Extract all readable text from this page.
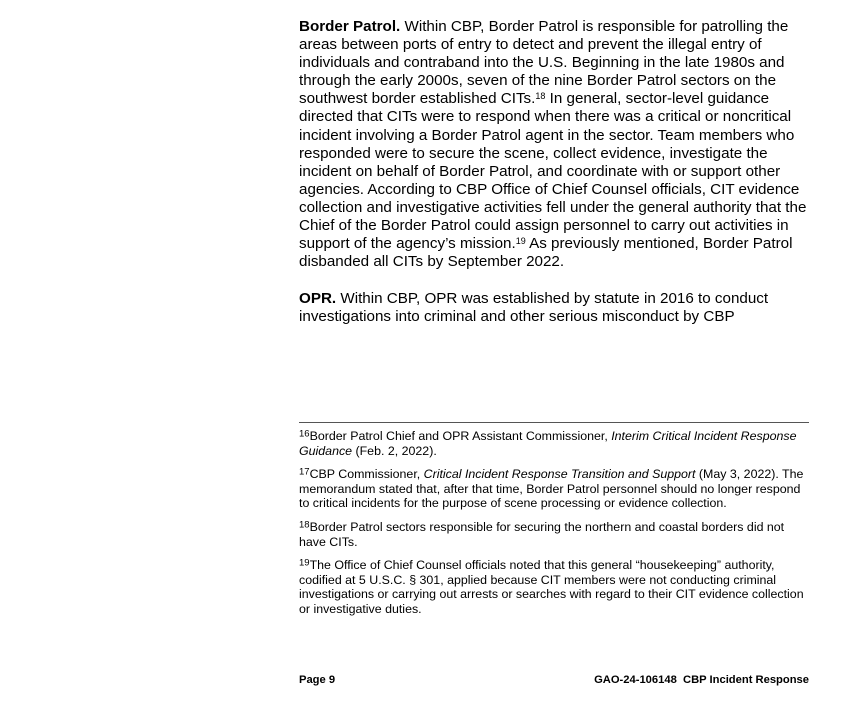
Border Patrol. Within CBP, Border Patrol is responsible for patrolling the areas between ports of entry to detect and prevent the illegal entry of individuals and contraband into the U.S. Beginning in the late 1980s and through the early 2000s, seven of the nine Border Patrol sectors on the southwest border established CITs.$^{18}$ In general, sector-level guidance directed that CITs were to respond when there was a critical or noncritical incident involving a Border Patrol agent in the sector. Team members who responded were to secure the scene, collect evidence, investigate the incident on behalf of Border Patrol, and coordinate with or support other agencies. According to CBP Office of Chief Counsel officials, CIT evidence collection and investigative activities fell under the general authority that the Chief of the Border Patrol could assign personnel to carry out activities in support of the agency’s mission.$^{19}$ As previously mentioned, Border Patrol disbanded all CITs by September 2022.

OPR. Within CBP, OPR was established by statute in 2016 to conduct investigations into criminal and other serious misconduct by CBP

$^{16}$Border Patrol Chief and OPR Assistant Commissioner, Interim Critical Incident Response Guidance (Feb. 2, 2022).

$^{17}$CBP Commissioner, Critical Incident Response Transition and Support (May 3, 2022). The memorandum stated that, after that time, Border Patrol personnel should no longer respond to critical incidents for the purpose of scene processing or evidence collection.

$^{18}$Border Patrol sectors responsible for securing the northern and coastal borders did not have CITs.

$^{19}$The Office of Chief Counsel officials noted that this general “housekeeping” authority, codified at 5 U.S.C. § 301, applied because CIT members were not conducting criminal investigations or carrying out arrests or searches with regard to their CIT evidence collection or investigative duties.

Page 9	GAO-24-106148  CBP Incident Response
